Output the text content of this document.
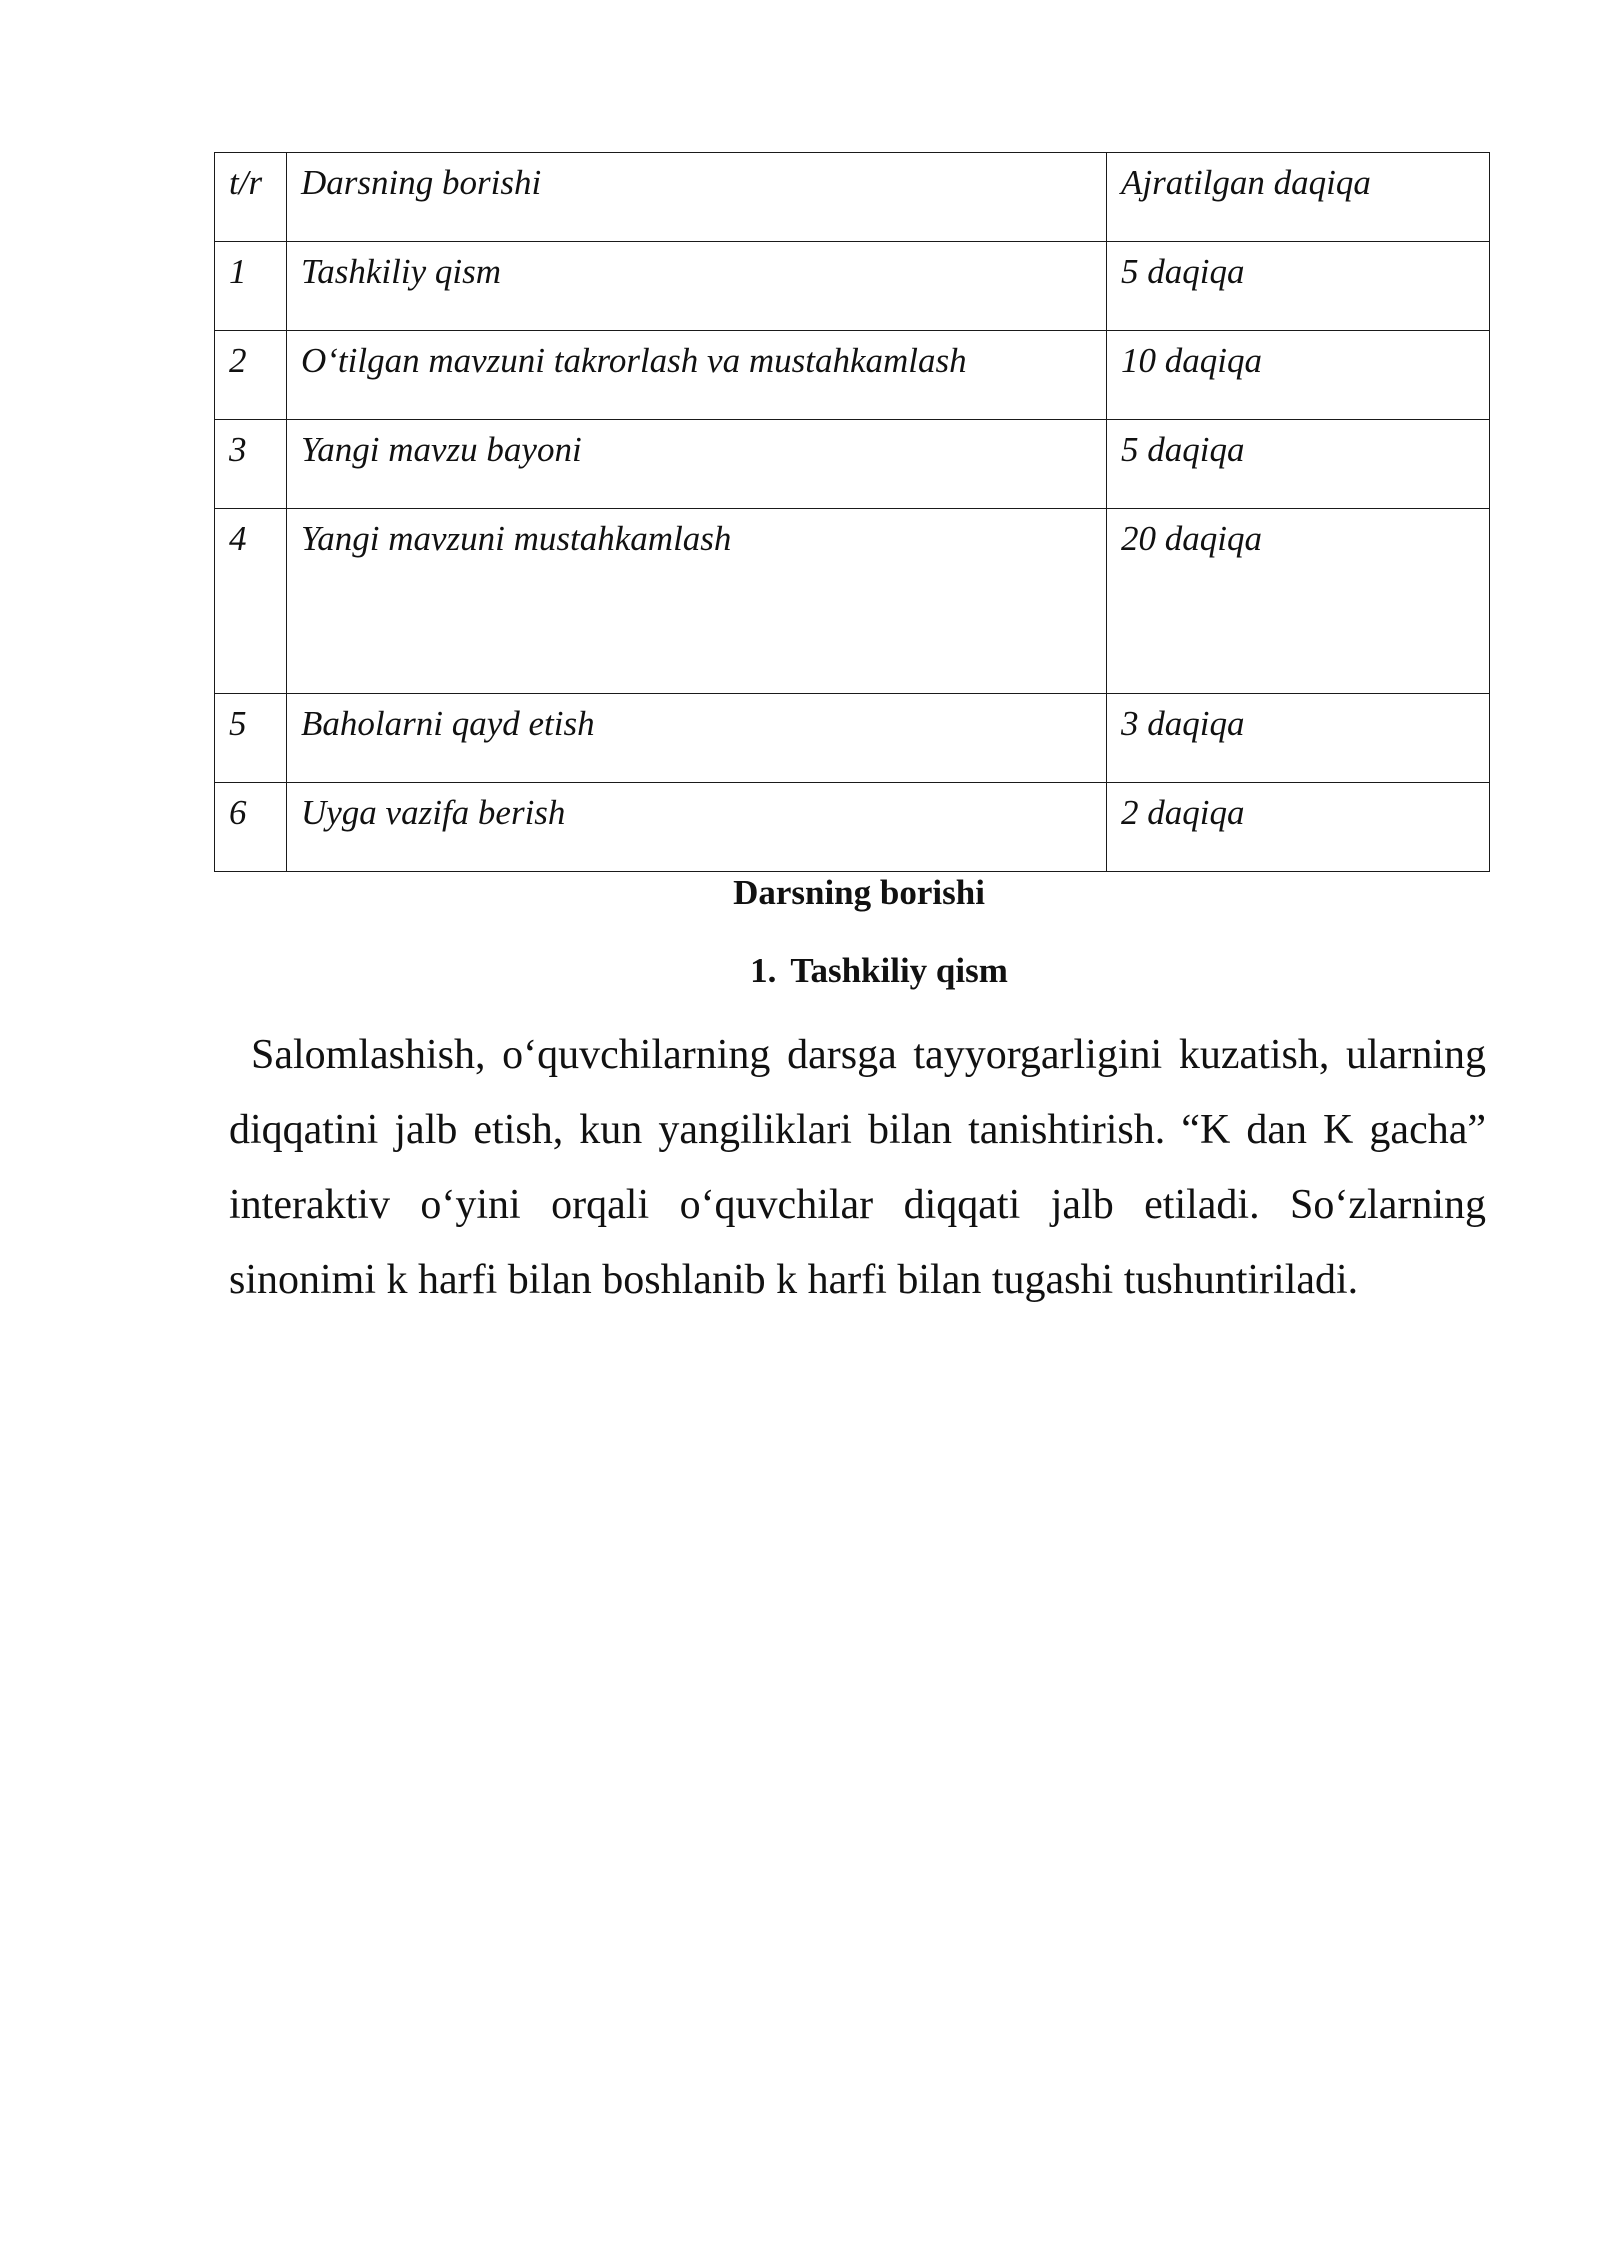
t/r	Darsning borishi	Ajratilgan daqiqa
1	Tashkiliy qism	5 daqiqa
2	O‘tilgan mavzuni takrorlash va mustahkamlash	10 daqiqa
3	Yangi mavzu bayoni	5 daqiqa
4	Yangi mavzuni mustahkamlash	20 daqiqa
5	Baholarni qayd etish	3 daqiqa
6	Uyga vazifa berish	2 daqiqa
Darsning borishi
1. Tashkiliy qism

Salomlashish, o‘quvchilarning darsga tayyorgarligini kuzatish, ularning diqqatini jalb etish, kun yangiliklari bilan tanishtirish. “K dan K gacha” interaktiv o‘yini orqali o‘quvchilar diqqati jalb etiladi. So‘zlarning sinonimi k harfi bilan boshlanib k harfi bilan tugashi tushuntiriladi.
